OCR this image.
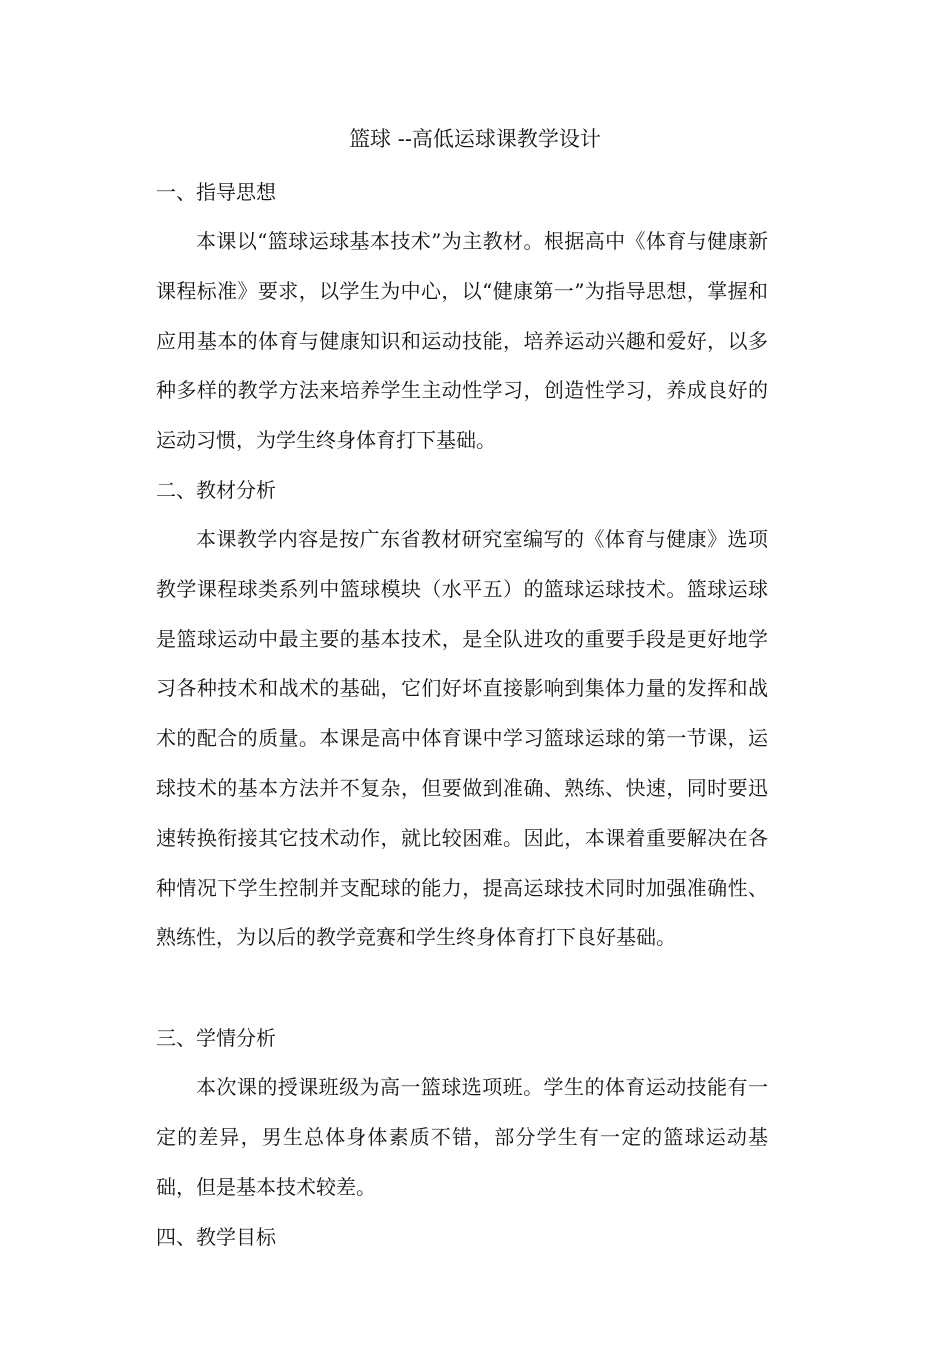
篮球 --高低运球课教学设计
一、指导思想

本课以“篮球运球基本技术”为主教材。根据高中《体育与健康新课程标准》要求，以学生为中心，以“健康第一”为指导思想，掌握和应用基本的体育与健康知识和运动技能，培养运动兴趣和爱好，以多种多样的教学方法来培养学生主动性学习，创造性学习，养成良好的运动习惯，为学生终身体育打下基础。

二、教材分析

本课教学内容是按广东省教材研究室编写的《体育与健康》选项教学课程球类系列中篮球模块（水平五）的篮球运球技术。篮球运球是篮球运动中最主要的基本技术，是全队进攻的重要手段是更好地学习各种技术和战术的基础，它们好坏直接影响到集体力量的发挥和战术的配合的质量。本课是高中体育课中学习篮球运球的第一节课，运球技术的基本方法并不复杂，但要做到准确、熟练、快速，同时要迅速转换衔接其它技术动作，就比较困难。因此，本课着重要解决在各种情况下学生控制并支配球的能力，提高运球技术同时加强准确性、熟练性，为以后的教学竞赛和学生终身体育打下良好基础。

三、学情分析

本次课的授课班级为高一篮球选项班。学生的体育运动技能有一定的差异，男生总体身体素质不错，部分学生有一定的篮球运动基础，但是基本技术较差。

四、教学目标
